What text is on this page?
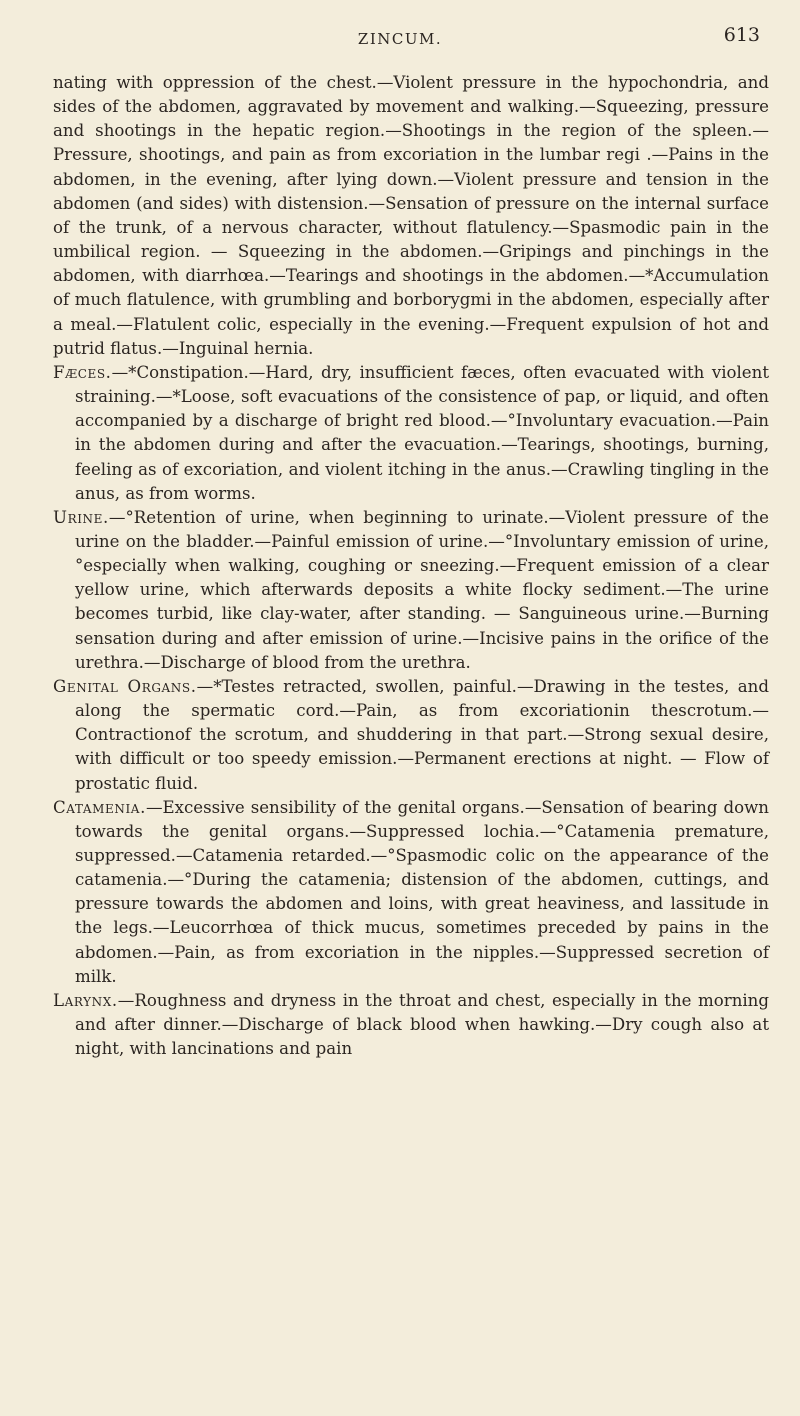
ZINCUM.	613

nating with oppression of the chest.—Violent pressure in the hypochondria, and sides of the abdomen, aggravated by movement and walking.—Squeezing, pressure and shootings in the hepatic region.—Shootings in the region of the spleen.—Pressure, shootings, and pain as from excoriation in the lumbar regi .—Pains in the abdomen, in the evening, after lying down.—Violent pressure and tension in the abdomen (and sides) with distension.—Sensation of pressure on the internal surface of the trunk, of a nervous character, without flatulency.—Spasmodic pain in the umbilical region. — Squeezing in the abdomen.—Gripings and pinchings in the abdomen, with diarrhœa.—Tearings and shootings in the abdomen.—*Accumulation of much flatulence, with grumbling and borborygmi in the abdomen, especially after a meal.—Flatulent colic, especially in the evening.—Frequent expulsion of hot and putrid flatus.—Inguinal hernia.

Fæces.—*Constipation.—Hard, dry, insufficient fæces, often evacuated with violent straining.—*Loose, soft evacuations of the consistence of pap, or liquid, and often accompanied by a discharge of bright red blood.—°Involuntary evacuation.—Pain in the abdomen during and after the evacuation.—Tearings, shootings, burning, feeling as of excoriation, and violent itching in the anus.—Crawling tingling in the anus, as from worms.

Urine.—°Retention of urine, when beginning to urinate.—Violent pressure of the urine on the bladder.—Painful emission of urine.—°Involuntary emission of urine, °especially when walking, coughing or sneezing.—Frequent emission of a clear yellow urine, which afterwards deposits a white flocky sediment.—The urine becomes turbid, like clay-water, after standing. — Sanguineous urine.—Burning sensation during and after emission of urine.—Incisive pains in the orifice of the urethra.—Discharge of blood from the urethra.

Genital Organs.—*Testes retracted, swollen, painful.—Drawing in the testes, and along the spermatic cord.—Pain, as from excoriationin thescrotum.—Contractionof the scrotum, and shuddering in that part.—Strong sexual desire, with difficult or too speedy emission.—Permanent erections at night. — Flow of prostatic fluid.

Catamenia.—Excessive sensibility of the genital organs.—Sensation of bearing down towards the genital organs.—Suppressed lochia.—°Catamenia premature, suppressed.—Catamenia retarded.—°Spasmodic colic on the appearance of the catamenia.—°During the catamenia; distension of the abdomen, cuttings, and pressure towards the abdomen and loins, with great heaviness, and lassitude in the legs.—Leucorrhœa of thick mucus, sometimes preceded by pains in the abdomen.—Pain, as from excoriation in the nipples.—Suppressed secretion of milk.

Larynx.—Roughness and dryness in the throat and chest, especially in the morning and after dinner.—Discharge of black blood when hawking.—Dry cough also at night, with lancinations and pain
